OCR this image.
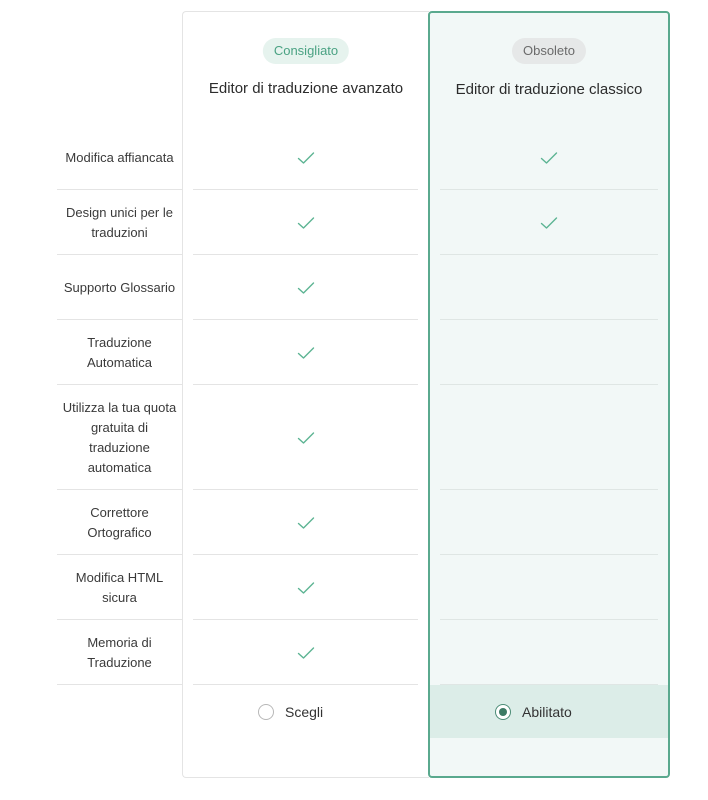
Consigliato
Editor di traduzione avanzato
Obsoleto
Editor di traduzione classico
Modifica affiancata
Design unici per le traduzioni
Supporto Glossario
Traduzione Automatica
Utilizza la tua quota gratuita di traduzione automatica
Correttore Ortografico
Modifica HTML sicura
Memoria di Traduzione
Scegli	Abilitato
